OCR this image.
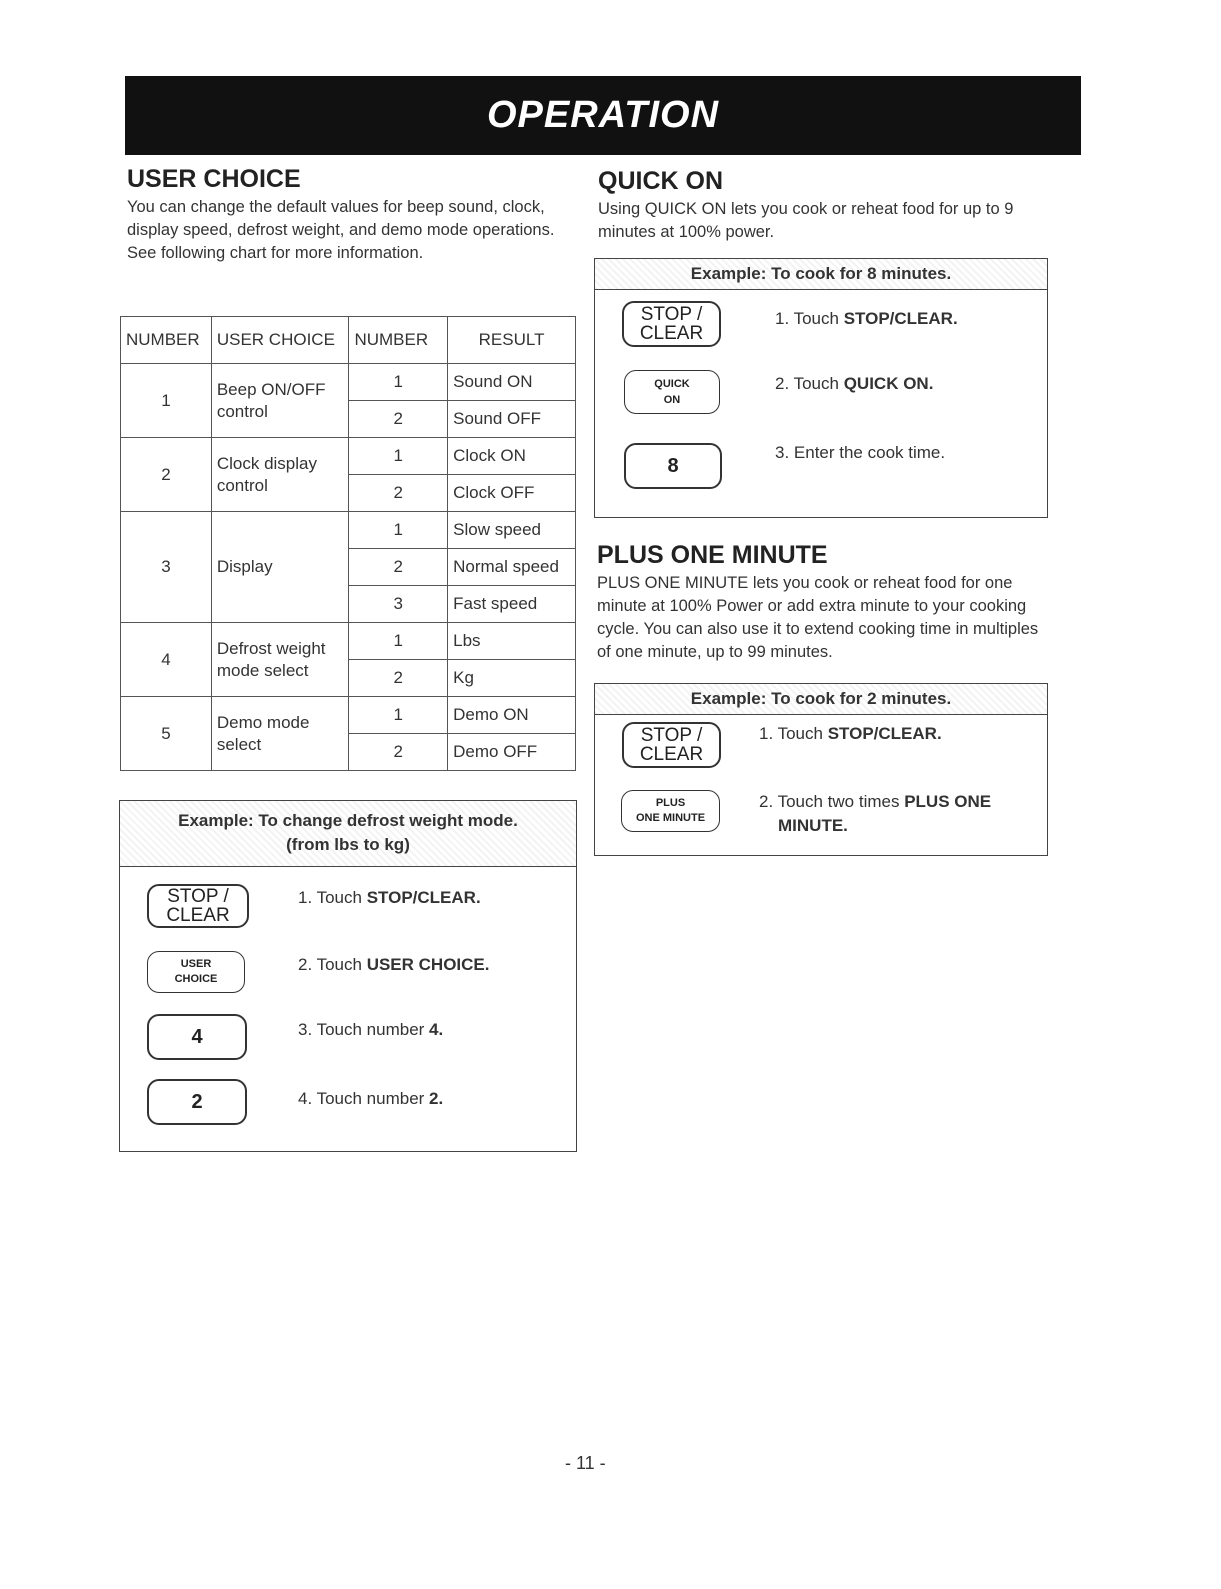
OPERATION
USER CHOICE

You can change the default values for beep sound, clock, display speed, defrost weight, and demo mode operations.

See following chart for more information.

NUMBER	USER CHOICE	NUMBER	RESULT
1	Beep ON/OFF control	1	Sound ON
		2	Sound OFF
2	Clock display control	1	Clock ON
		2	Clock OFF
3	Display	1	Slow speed
		2	Normal speed
		3	Fast speed
4	Defrost weight mode select	1	Lbs
		2	Kg
5	Demo mode select	1	Demo ON
		2	Demo OFF
Example: To change defrost weight mode.
(from lbs to kg)
STOP /
CLEAR
1. Touch STOP/CLEAR.
USER
CHOICE
2. Touch USER CHOICE.
4	3. Touch number 4.
2	4. Touch number 2.
QUICK ON

Using QUICK ON lets you cook or reheat food for up to 9 minutes at 100% power.

Example: To cook for 8 minutes.
STOP /
CLEAR
1. Touch STOP/CLEAR.
QUICK
ON
2. Touch QUICK ON.
8
3. Enter the cook time.
PLUS ONE MINUTE

PLUS ONE MINUTE lets you cook or reheat food for one minute at 100% Power or add extra minute to your cooking cycle. You can also use it to extend cooking time in multiples of one minute, up to 99 minutes.

Example: To cook for 2 minutes.
STOP /
CLEAR
1. Touch STOP/CLEAR.
PLUS
ONE MINUTE
2. Touch two times PLUS ONE
MINUTE.
- 11 -
